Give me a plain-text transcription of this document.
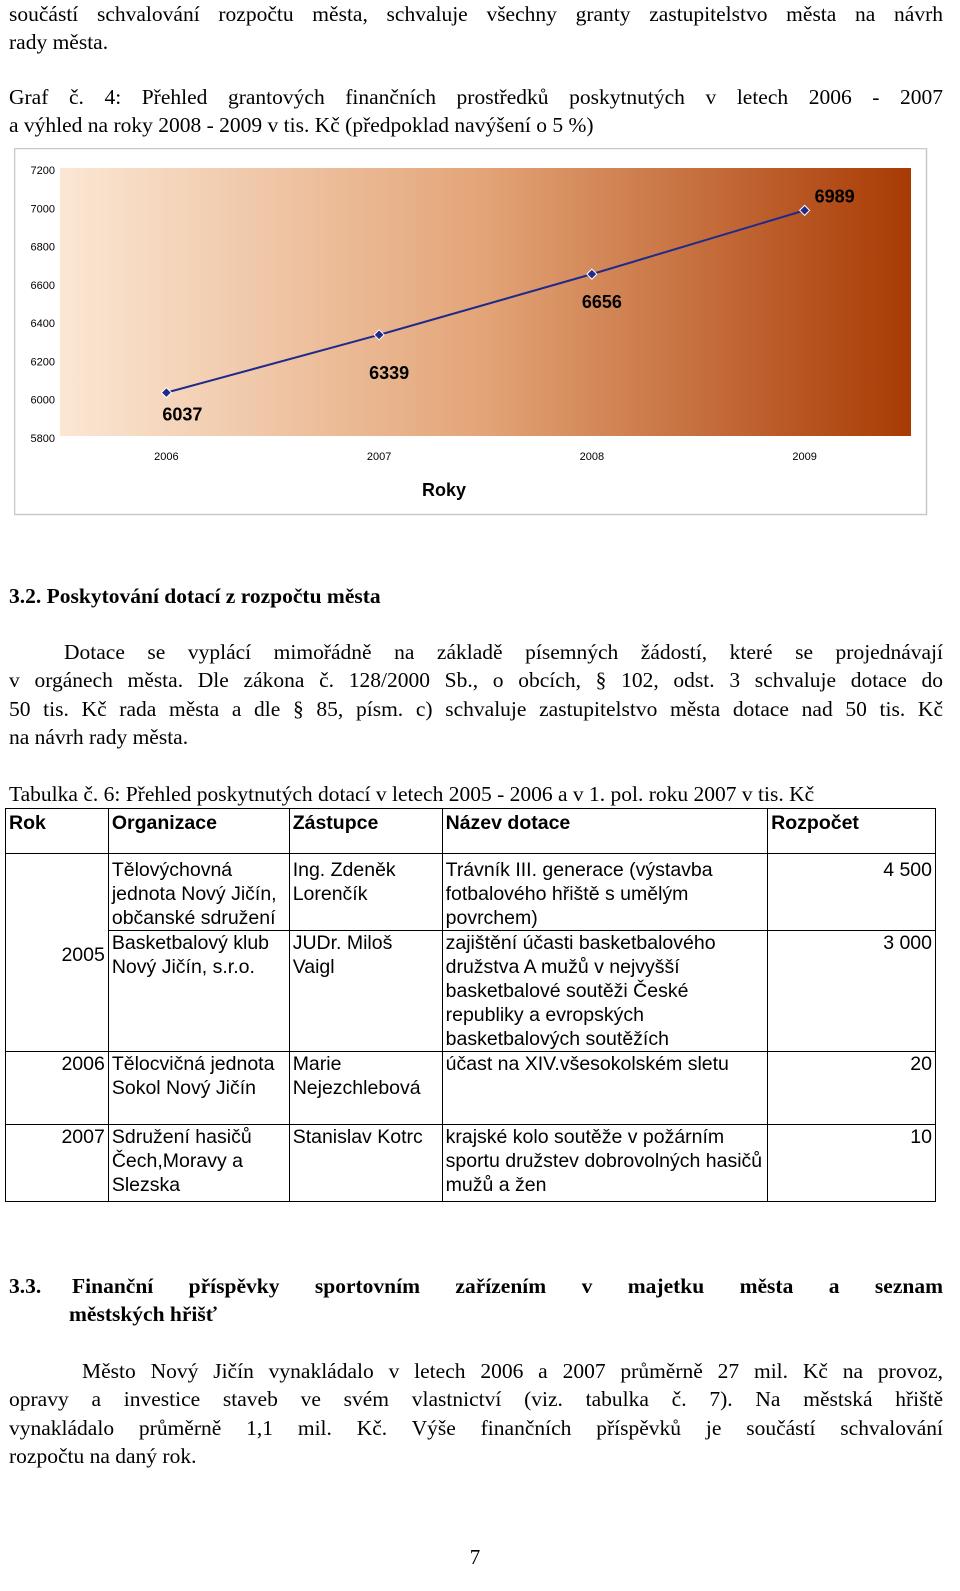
součástí schvalování rozpočtu města, schvaluje všechny granty zastupitelstvo města na návrh

rady města.

Graf č. 4: Přehled grantových finančních prostředků poskytnutých v letech 2006 - 2007

a výhled na roky 2008 - 2009 v tis. Kč (předpoklad navýšení o 5 %)

7200
7000
6800
6600
6400
6200
6000
5800
2006	2007	2008	2009
6037
6339
6656
6989
Roky

3.2. Poskytování dotací z rozpočtu města

Dotace se vyplácí mimořádně na základě písemných žádostí, které se projednávají

v orgánech města. Dle zákona č. 128/2000 Sb., o obcích, § 102, odst. 3 schvaluje dotace do

50 tis. Kč rada města a dle § 85, písm. c) schvaluje zastupitelstvo města dotace nad 50 tis. Kč

na návrh rady města.

Tabulka č. 6: Přehled poskytnutých dotací v letech 2005 - 2006 a v 1. pol. roku 2007 v tis. Kč

Rok	Organizace	Zástupce	Název dotace	Rozpočet
2005	Tělovýchovná jednota Nový Jičín, občanské sdružení	Ing. Zdeněk Lorenčík	Trávník III. generace (výstavba fotbalového hřiště s umělým povrchem)	4 500
	Basketbalový klub Nový Jičín, s.r.o.	JUDr. Miloš Vaigl	zajištění účasti basketbalového družstva A mužů v nejvyšší basketbalové soutěži České republiky a evropských basketbalových soutěžích	3 000
2006	Tělocvičná jednota Sokol Nový Jičín	Marie Nejezchlebová	účast na XIV.všesokolském sletu	20
2007	Sdružení hasičů Čech,Moravy a Slezska	Stanislav Kotrc	krajské kolo soutěže v požárním sportu družstev dobrovolných hasičů mužů a žen	10

3.3.	Finanční příspěvky sportovním zařízením v majetku města a seznam

městských hřišť

Město Nový Jičín vynakládalo v letech 2006 a 2007 průměrně 27 mil. Kč na provoz,

opravy a investice staveb ve svém vlastnictví (viz. tabulka č. 7). Na městská hřiště

vynakládalo průměrně 1,1 mil. Kč. Výše finančních příspěvků je součástí schvalování

rozpočtu na daný rok.

7
